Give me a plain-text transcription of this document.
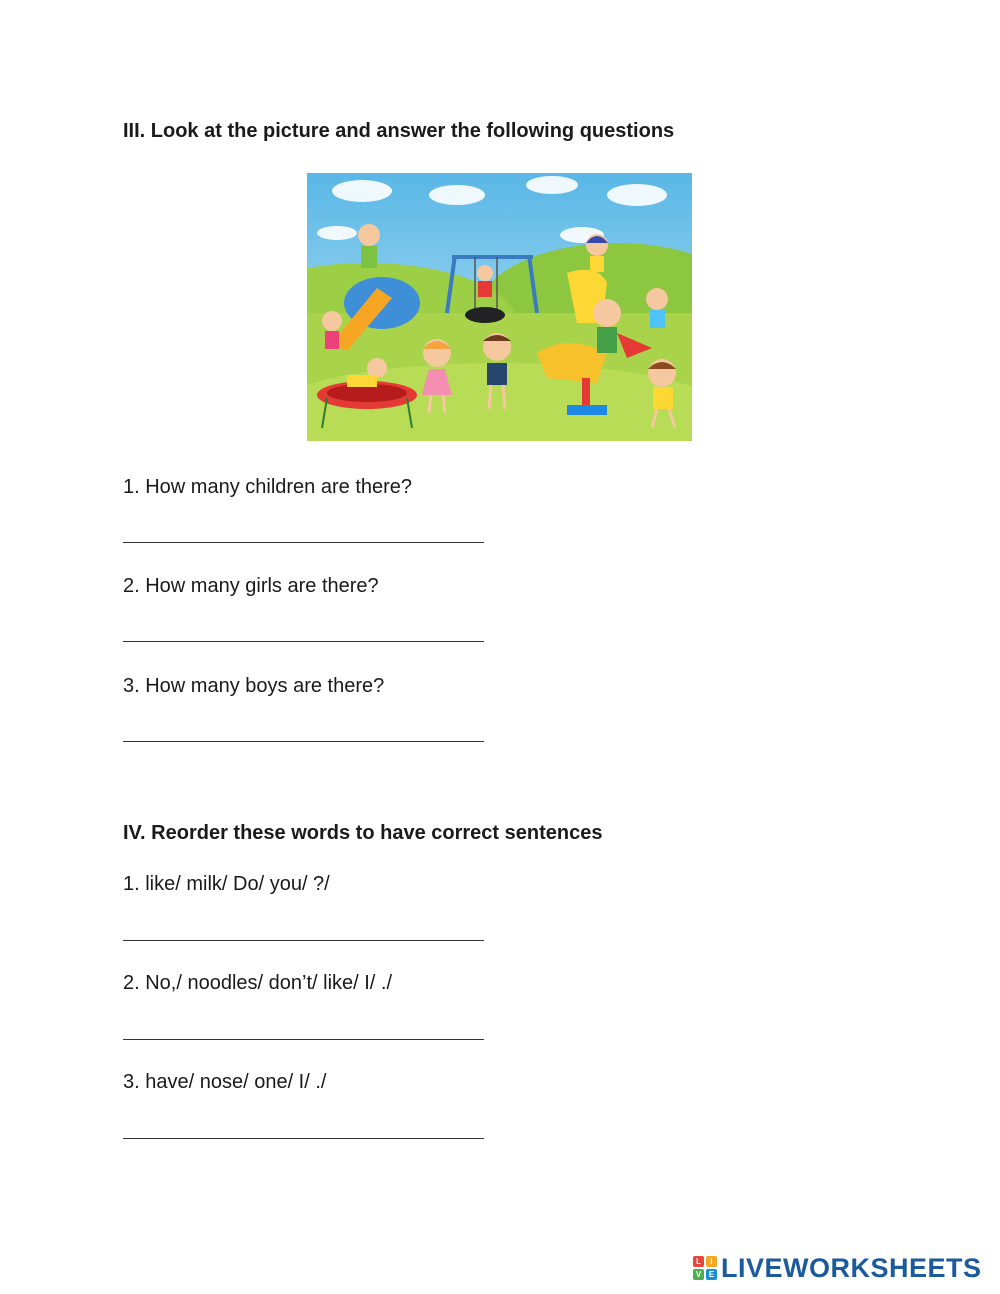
III. Look at the picture and answer the following questions
1. How many children are there?
2. How many girls are there?
3. How many boys are there?
IV. Reorder these words to have correct sentences
1. like/ milk/ Do/ you/ ?/
2. No,/ noodles/ don’t/ like/ I/ ./
3. have/ nose/ one/ I/ ./
L	I
V E LIVEWORKSHEETS
